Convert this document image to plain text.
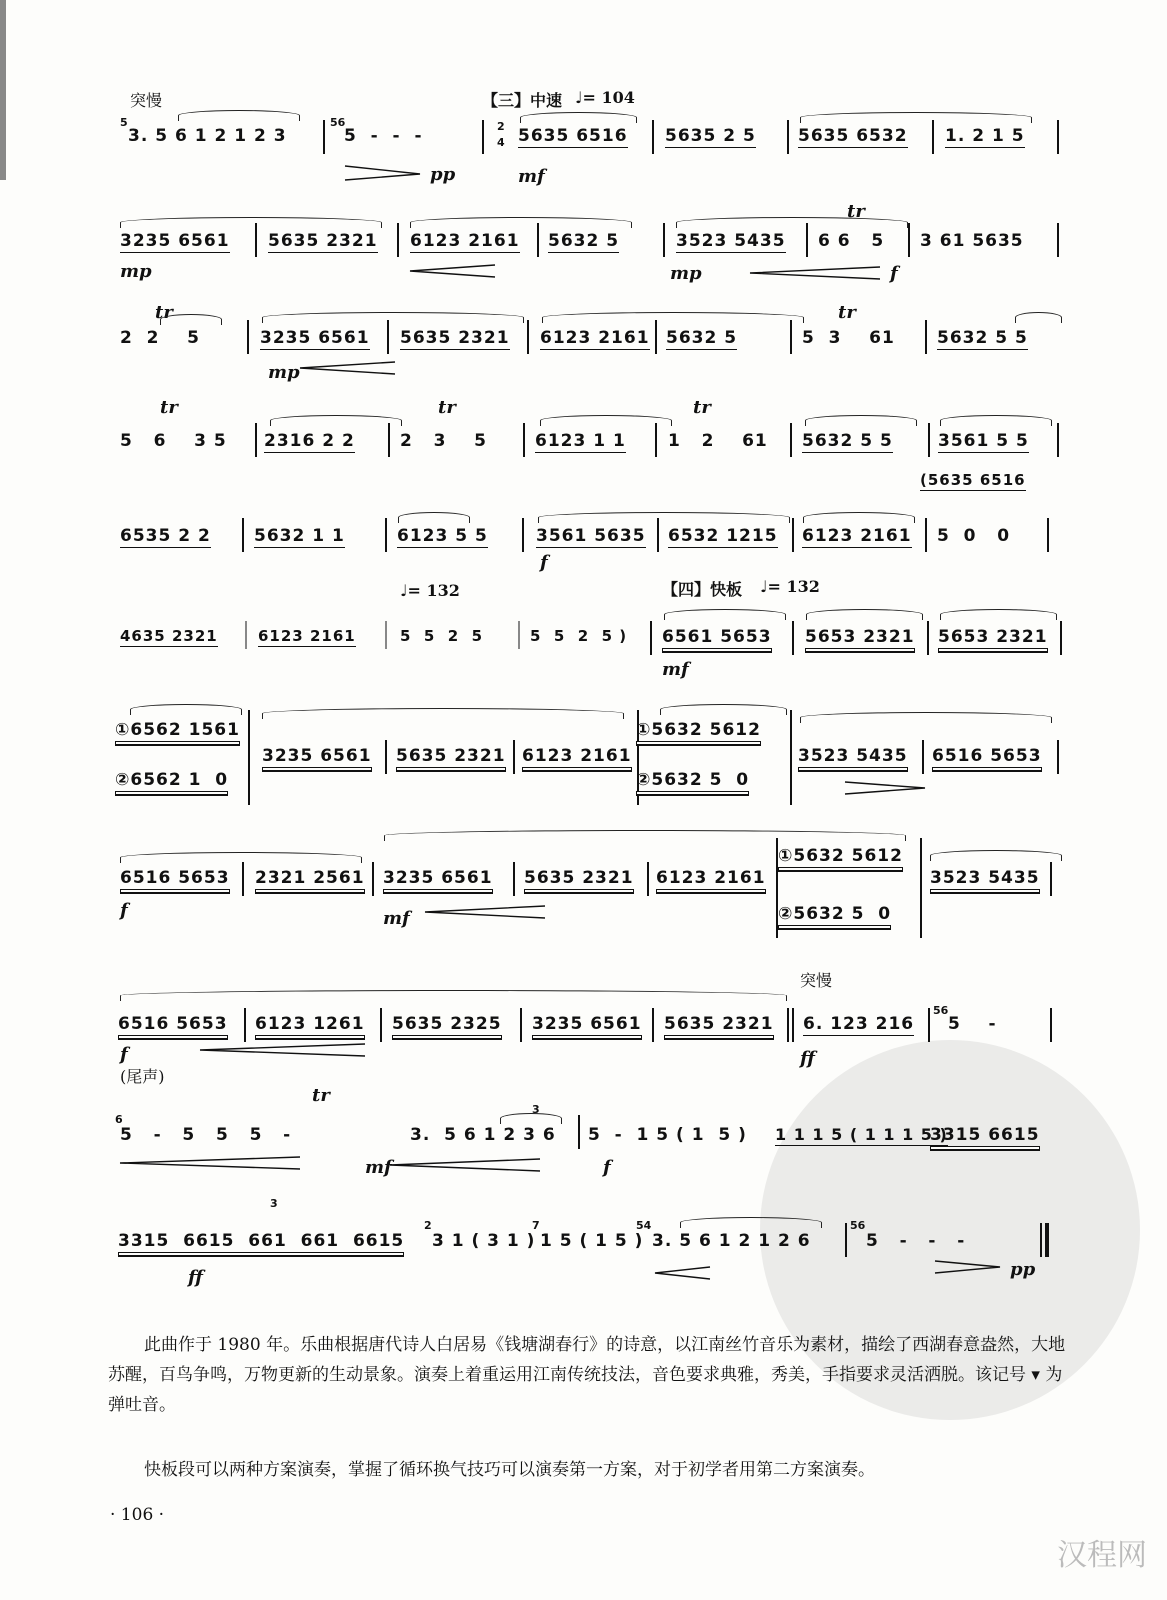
突慢	【三】中速 ♩= 104
5
3. 5 6 1 2 1 2 3
56
5  -  -  -	2
4 5635 6516 5635 2 5 5635 6532 1. 2 1 5
pp	mf
3235 6561 5635 2321 6123 2161 5632 5	3523 5435
tr
6 6   5 3 61 5635
mp	mp	f
tr
2  2    5	3235 6561 5635 2321 6123 2161 5632 5
tr
5  3    61 5632 5 5
mp
tr
5   6    3 5 2316 2 2
tr
2   3    5	6123 1 1
tr
1   2    61 5632 5 5	3561 5 5
(5635 6516
6535 2 2	5632 1 1	6123 5 5	3561 5635 6532 1215 6123 2161 5  0   0
f
♩= 132	【四】快板 ♩= 132
4635 2321	6123 2161	5  5  2  5	5  5  2  5 ) 6561 5653 5653 2321 5653 2321
mf
①6562 1561
②6562 1  0
3235 6561 5635 2321 6123 2161
①5632 5612
②5632 5  0
3523 5435 6516 5653
6516 5653 2321 2561 3235 6561 5635 2321 6123 2161
①5632 5612
②5632 5  0
3523 5435
f	mf
突慢
6516 5653 6123 1261 5635 2325 3235 6561 5635 2321 6. 123 216
56
5    -
f	ff
(尾声)
tr
6
5   -   5   5   5   -	3.  5 6 1 2 3 6
3
5  -  1 5 ( 1  5 ) 1 1 1 5 ( 1 1 1 5 )
3315 6615
mf	f
3
3315  6615  661  661  6615
2
3 1 ( 3 1 )
7
1 5 ( 1 5 )
54
3. 5 6 1 2 1 2 6
56
5   -   -   -
ff	pp
此曲作于 1980 年。乐曲根据唐代诗人白居易《钱塘湖春行》的诗意，以江南丝竹音乐为素材，描绘了西湖春意盎然，大地苏醒，百鸟争鸣，万物更新的生动景象。演奏上着重运用江南传统技法，音色要求典雅，秀美，手指要求灵活洒脱。该记号 ▾ 为弹吐音。
快板段可以两种方案演奏，掌握了循环换气技巧可以演奏第一方案，对于初学者用第二方案演奏。
· 106 ·
汉程网
